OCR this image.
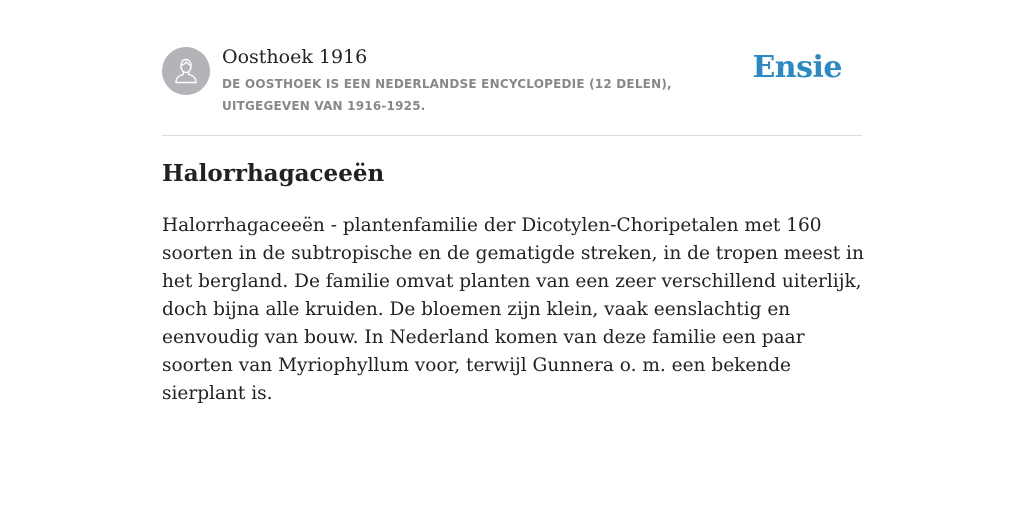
Oosthoek 1916
DE OOSTHOEK IS EEN NEDERLANDSE ENCYCLOPEDIE (12 DELEN), UITGEGEVEN VAN 1916-1925.
Ensie
Halorrhagaceeën

Halorrhagaceeën - plantenfamilie der Dicotylen-Choripetalen met 160 soorten in de subtropische en de gematigde streken, in de tropen meest in het bergland. De familie omvat planten van een zeer verschillend uiterlijk, doch bijna alle kruiden. De bloemen zijn klein, vaak eenslachtig en eenvoudig van bouw. In Nederland komen van deze familie een paar soorten van Myriophyllum voor, terwijl Gunnera o. m. een bekende sierplant is.
